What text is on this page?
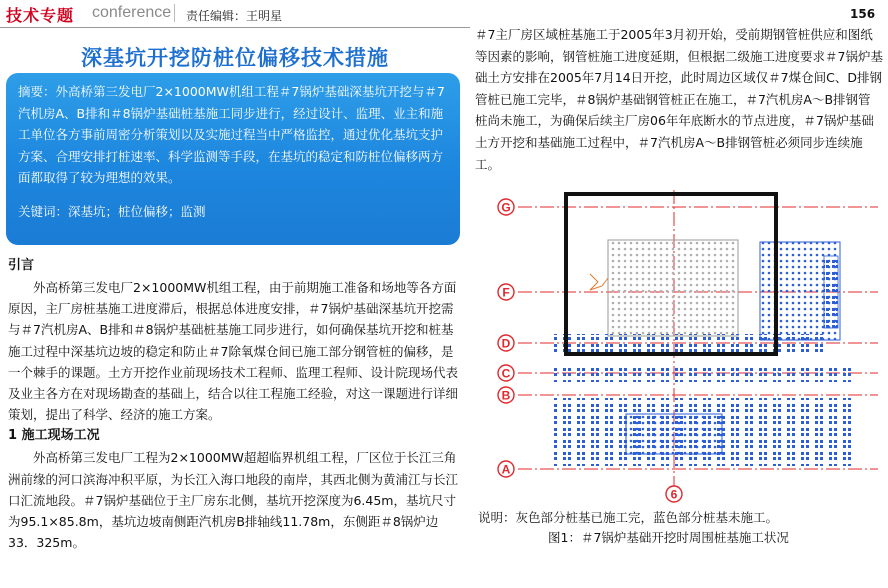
技术专题 conference 责任编辑：王明星	156
深基坑开挖防桩位偏移技术措施

摘要：外高桥第三发电厂2×1000MW机组工程＃7锅炉基础深基坑开挖与＃7汽机房A、B排和＃8锅炉基础桩基施工同步进行，经过设计、监理、业主和施工单位各方事前周密分析策划以及实施过程当中严格监控，通过优化基坑支护方案、合理安排打桩速率、科学监测等手段，在基坑的稳定和防桩位偏移两方面都取得了较为理想的效果。

关键词：深基坑；桩位偏移；监测

引言

外高桥第三发电厂2×1000MW机组工程，由于前期施工准备和场地等各方面原因，主厂房桩基施工进度滞后，根据总体进度安排，＃7锅炉基础深基坑开挖需与＃7汽机房A、B排和＃8锅炉基础桩基施工同步进行，如何确保基坑开挖和桩基施工过程中深基坑边坡的稳定和防止＃7除氧煤仓间已施工部分钢管桩的偏移，是一个棘手的课题。土方开挖作业前现场技术工程师、监理工程师、设计院现场代表及业主各方在对现场勘查的基础上，结合以往工程施工经验，对这一课题进行详细策划，提出了科学、经济的施工方案。

1 施工现场工况

外高桥第三发电厂工程为2×1000MW超超临界机组工程，厂区位于长江三角洲前缘的河口滨海冲积平原，为长江入海口地段的南岸，其西北侧为黄浦江与长江口汇流地段。＃7锅炉基础位于主厂房东北侧，基坑开挖深度为6.45m，基坑尺寸为95.1×85.8m，基坑边坡南侧距汽机房B排轴线11.78m，东侧距＃8锅炉边33．325m。

＃7主厂房区域桩基施工于2005年3月初开始，受前期钢管桩供应和图纸等因素的影响，钢管桩施工进度延期，但根据二级施工进度要求＃7锅炉基础土方安排在2005年7月14日开挖，此时周边区域仅＃7煤仓间C、D排钢管桩已施工完毕，＃8锅炉基础钢管桩正在施工，＃7汽机房A～B排钢管桩尚未施工，为确保后续主厂房06年年底断水的节点进度，＃7锅炉基础土方开挖和基础施工过程中，＃7汽机房A～B排钢管桩必须同步连续施工。

G
F
D
C
B
A
6
说明：灰色部分桩基已施工完，蓝色部分桩基未施工。
图1：＃7锅炉基础开挖时周围桩基施工状况
